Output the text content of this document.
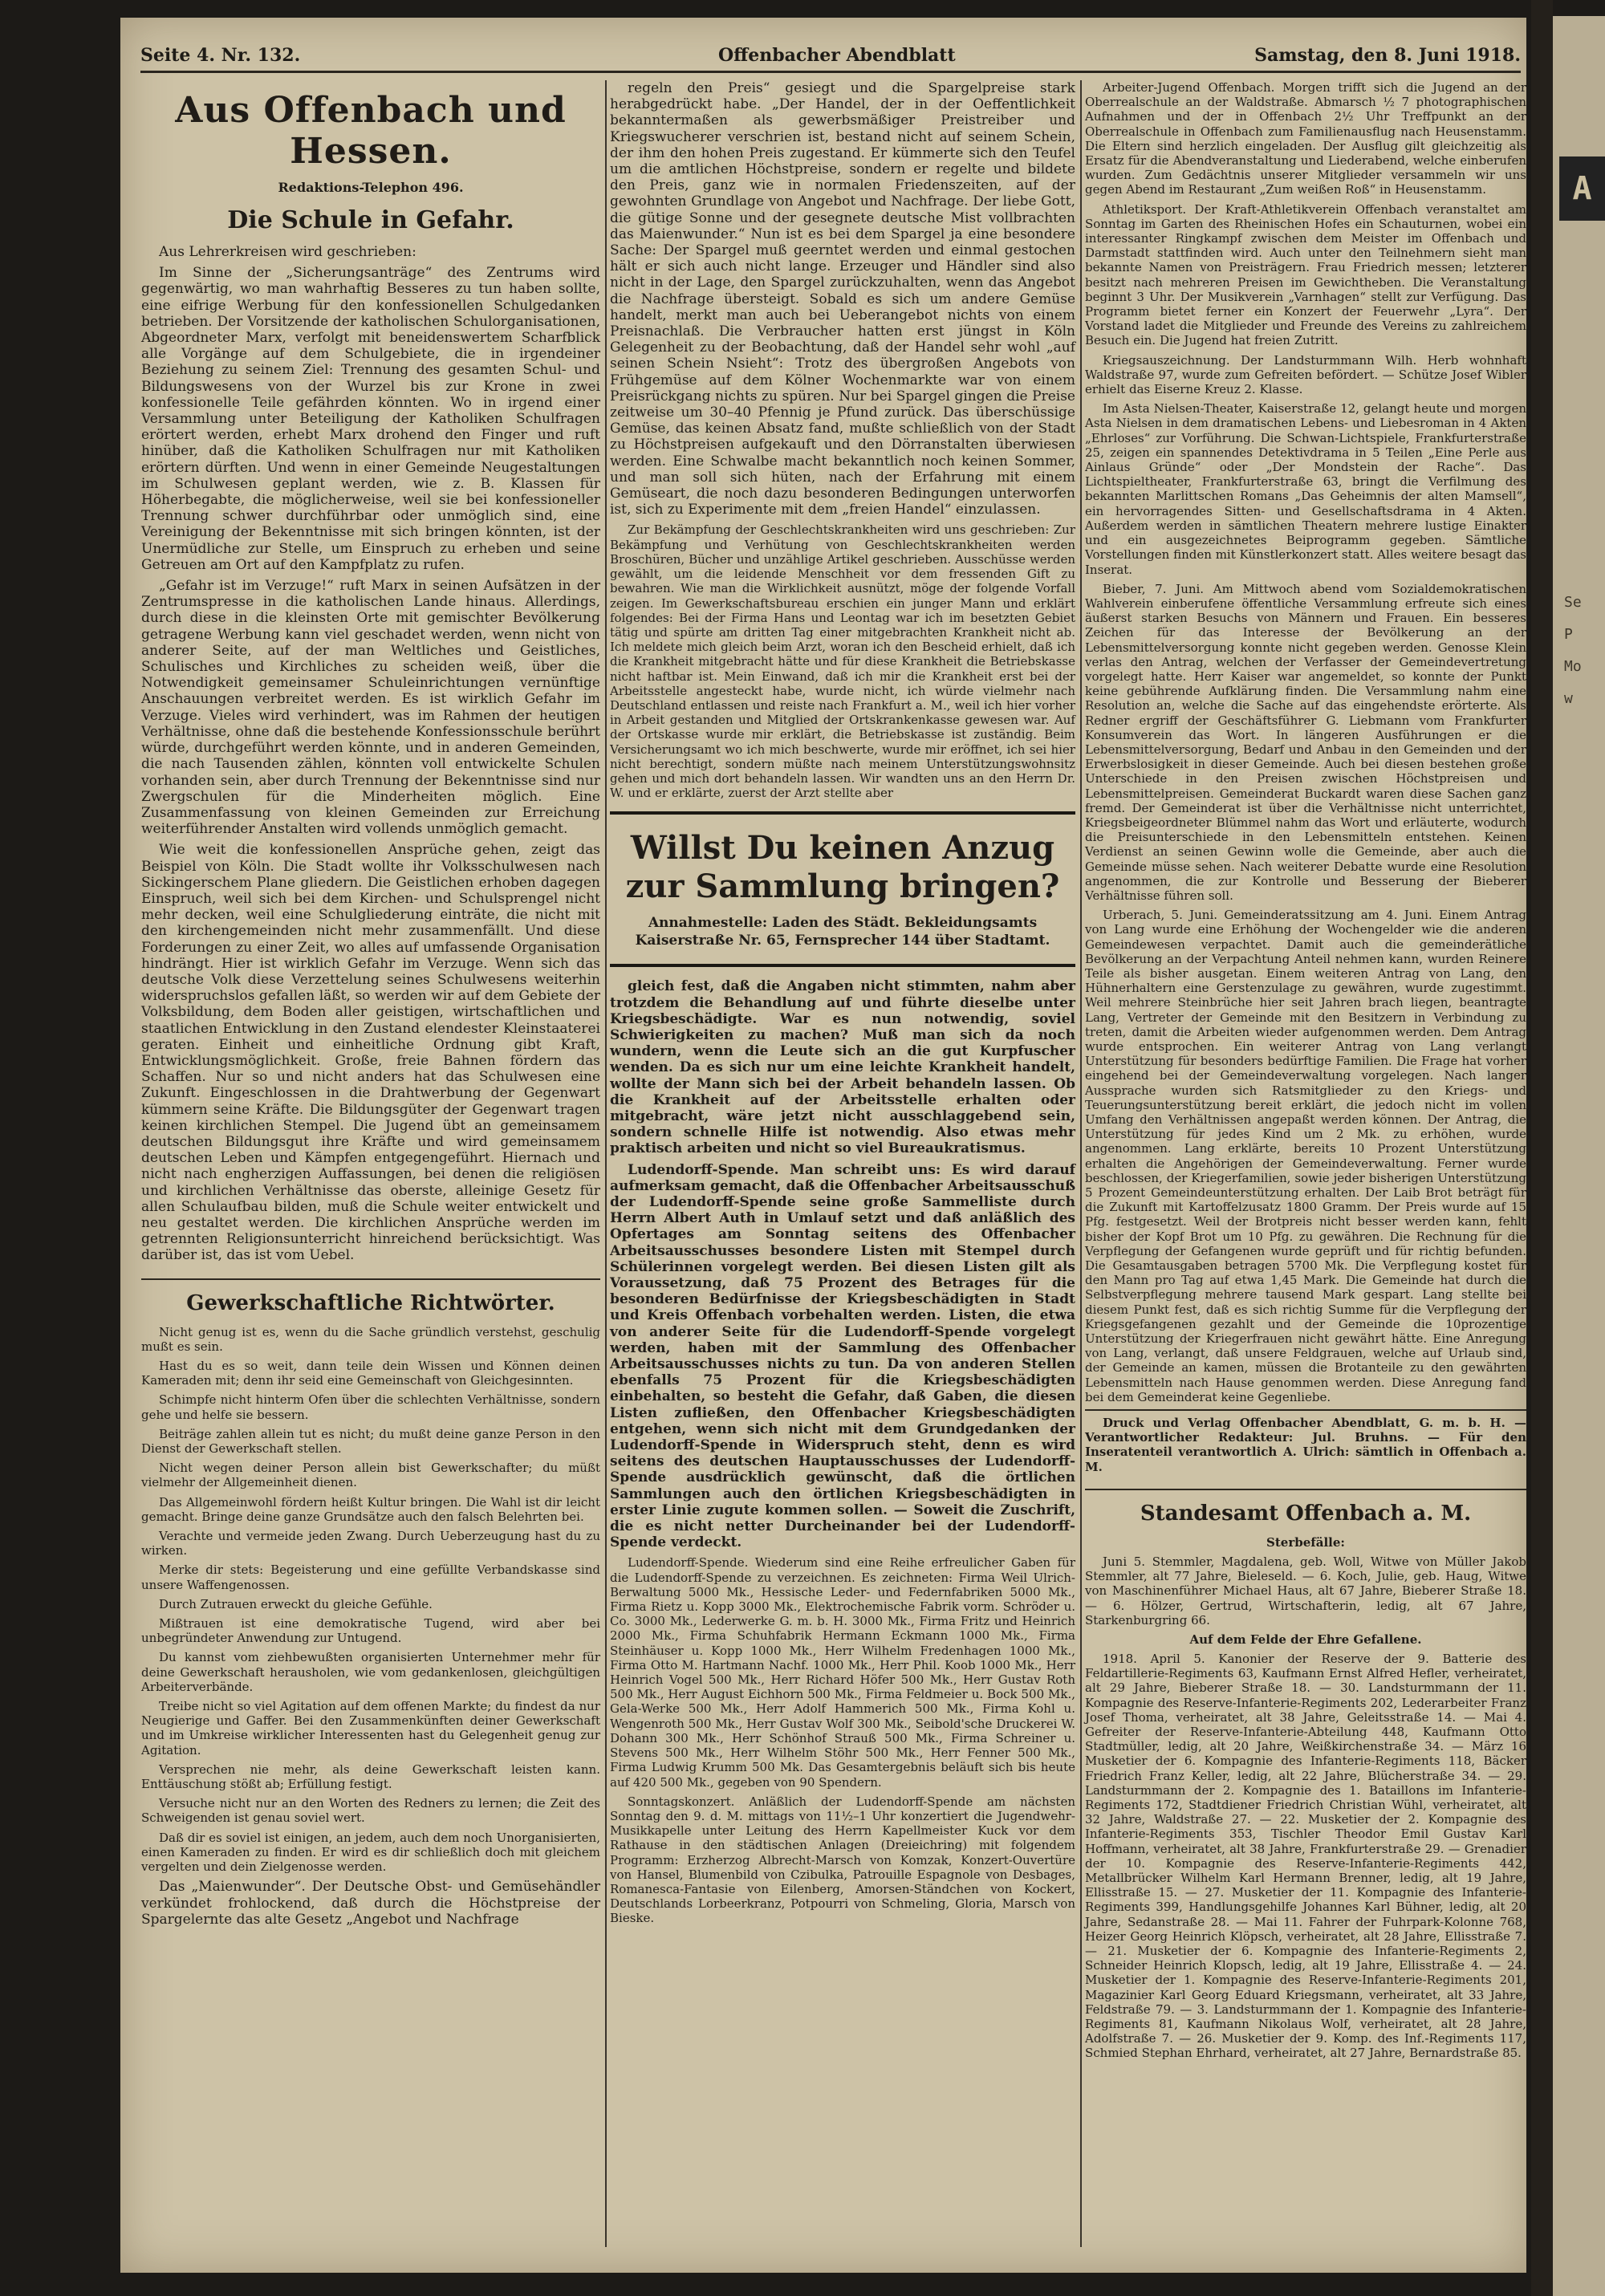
A
Se
P
Mo
w
Seite 4. Nr. 132.	Offenbacher Abendblatt	Samstag, den 8. Juni 1918.
Aus Offenbach und Hessen.
Redaktions-Telephon 496.
Die Schule in Gefahr.

Aus Lehrerkreisen wird geschrieben:

Im Sinne der „Sicherungsanträge“ des Zentrums wird gegenwärtig, wo man wahrhaftig Besseres zu tun haben sollte, eine eifrige Werbung für den konfessionellen Schulgedanken betrieben. Der Vorsitzende der katholischen Schulorganisationen, Abgeordneter Marx, verfolgt mit beneidenswertem Scharfblick alle Vorgänge auf dem Schulgebiete, die in irgendeiner Beziehung zu seinem Ziel: Trennung des gesamten Schul- und Bildungswesens von der Wurzel bis zur Krone in zwei konfessionelle Teile gefährden könnten. Wo in irgend einer Versammlung unter Beteiligung der Katholiken Schulfragen erörtert werden, erhebt Marx drohend den Finger und ruft hinüber, daß die Katholiken Schulfragen nur mit Katholiken erörtern dürften. Und wenn in einer Gemeinde Neugestaltungen im Schulwesen geplant werden, wie z. B. Klassen für Höherbegabte, die möglicherweise, weil sie bei konfessioneller Trennung schwer durchführbar oder unmöglich sind, eine Vereinigung der Bekenntnisse mit sich bringen könnten, ist der Unermüdliche zur Stelle, um Einspruch zu erheben und seine Getreuen am Ort auf den Kampfplatz zu rufen.

„Gefahr ist im Verzuge!“ ruft Marx in seinen Aufsätzen in der Zentrumspresse in die katholischen Lande hinaus. Allerdings, durch diese in die kleinsten Orte mit gemischter Bevölkerung getragene Werbung kann viel geschadet werden, wenn nicht von anderer Seite, auf der man Weltliches und Geistliches, Schulisches und Kirchliches zu scheiden weiß, über die Notwendigkeit gemeinsamer Schuleinrichtungen vernünftige Anschauungen verbreitet werden. Es ist wirklich Gefahr im Verzuge. Vieles wird verhindert, was im Rahmen der heutigen Verhältnisse, ohne daß die bestehende Konfessionsschule berührt würde, durchgeführt werden könnte, und in anderen Gemeinden, die nach Tausenden zählen, könnten voll entwickelte Schulen vorhanden sein, aber durch Trennung der Bekenntnisse sind nur Zwergschulen für die Minderheiten möglich. Eine Zusammenfassung von kleinen Gemeinden zur Erreichung weiterführender Anstalten wird vollends unmöglich gemacht.

Wie weit die konfessionellen Ansprüche gehen, zeigt das Beispiel von Köln. Die Stadt wollte ihr Volksschulwesen nach Sickingerschem Plane gliedern. Die Geistlichen erhoben dagegen Einspruch, weil sich bei dem Kirchen- und Schulsprengel nicht mehr decken, weil eine Schulgliederung einträte, die nicht mit den kirchengemeinden nicht mehr zusammenfällt. Und diese Forderungen zu einer Zeit, wo alles auf umfassende Organisation hindrängt. Hier ist wirklich Gefahr im Verzuge. Wenn sich das deutsche Volk diese Verzettelung seines Schulwesens weiterhin widerspruchslos gefallen läßt, so werden wir auf dem Gebiete der Volksbildung, dem Boden aller geistigen, wirtschaftlichen und staatlichen Entwicklung in den Zustand elendester Kleinstaaterei geraten. Einheit und einheitliche Ordnung gibt Kraft, Entwicklungsmöglichkeit. Große, freie Bahnen fördern das Schaffen. Nur so und nicht anders hat das Schulwesen eine Zukunft. Eingeschlossen in die Drahtwerbung der Gegenwart kümmern seine Kräfte. Die Bildungsgüter der Gegenwart tragen keinen kirchlichen Stempel. Die Jugend übt an gemeinsamem deutschen Bildungsgut ihre Kräfte und wird gemeinsamem deutschen Leben und Kämpfen entgegengeführt. Hiernach und nicht nach engherzigen Auffassungen, bei denen die religiösen und kirchlichen Verhältnisse das oberste, alleinige Gesetz für allen Schulaufbau bilden, muß die Schule weiter entwickelt und neu gestaltet werden. Die kirchlichen Ansprüche werden im getrennten Religionsunterricht hinreichend berücksichtigt. Was darüber ist, das ist vom Uebel.

Gewerkschaftliche Richtwörter.

Nicht genug ist es, wenn du die Sache gründlich verstehst, geschulig mußt es sein.

Hast du es so weit, dann teile dein Wissen und Können deinen Kameraden mit; denn ihr seid eine Gemeinschaft von Gleichgesinnten.

Schimpfe nicht hinterm Ofen über die schlechten Verhältnisse, sondern gehe und helfe sie bessern.

Beiträge zahlen allein tut es nicht; du mußt deine ganze Person in den Dienst der Gewerkschaft stellen.

Nicht wegen deiner Person allein bist Gewerkschafter; du müßt vielmehr der Allgemeinheit dienen.

Das Allgemeinwohl fördern heißt Kultur bringen. Die Wahl ist dir leicht gemacht. Bringe deine ganze Grundsätze auch den falsch Belehrten bei.

Verachte und vermeide jeden Zwang. Durch Ueberzeugung hast du zu wirken.

Merke dir stets: Begeisterung und eine gefüllte Verbandskasse sind unsere Waffengenossen.

Durch Zutrauen erweckt du gleiche Gefühle.

Mißtrauen ist eine demokratische Tugend, wird aber bei unbegründeter Anwendung zur Untugend.

Du kannst vom ziehbewußten organisierten Unternehmer mehr für deine Gewerkschaft herausholen, wie vom gedankenlosen, gleichgültigen Arbeiterverbände.

Treibe nicht so viel Agitation auf dem offenen Markte; du findest da nur Neugierige und Gaffer. Bei den Zusammenkünften deiner Gewerkschaft und im Umkreise wirklicher Interessenten hast du Gelegenheit genug zur Agitation.

Versprechen nie mehr, als deine Gewerkschaft leisten kann. Enttäuschung stößt ab; Erfüllung festigt.

Versuche nicht nur an den Worten des Redners zu lernen; die Zeit des Schweigenden ist genau soviel wert.

Daß dir es soviel ist einigen, an jedem, auch dem noch Unorganisierten, einen Kameraden zu finden. Er wird es dir schließlich doch mit gleichem vergelten und dein Zielgenosse werden.

Das „Maienwunder“. Der Deutsche Obst- und Gemüsehändler verkündet frohlockend, daß durch die Höchstpreise der Spargelernte das alte Gesetz „Angebot und Nachfrage

regeln den Preis“ gesiegt und die Spargelpreise stark herabgedrückt habe. „Der Handel, der in der Oeffentlichkeit bekanntermaßen als gewerbsmäßiger Preistreiber und Kriegswucherer verschrien ist, bestand nicht auf seinem Schein, der ihm den hohen Preis zugestand. Er kümmerte sich den Teufel um die amtlichen Höchstpreise, sondern er regelte und bildete den Preis, ganz wie in normalen Friedenszeiten, auf der gewohnten Grundlage von Angebot und Nachfrage. Der liebe Gott, die gütige Sonne und der gesegnete deutsche Mist vollbrachten das Maienwunder.“ Nun ist es bei dem Spargel ja eine besondere Sache: Der Spargel muß geerntet werden und einmal gestochen hält er sich auch nicht lange. Erzeuger und Händler sind also nicht in der Lage, den Spargel zurückzuhalten, wenn das Angebot die Nachfrage übersteigt. Sobald es sich um andere Gemüse handelt, merkt man auch bei Ueberangebot nichts von einem Preisnachlaß. Die Verbraucher hatten erst jüngst in Köln Gelegenheit zu der Beobachtung, daß der Handel sehr wohl „auf seinen Schein Nsieht“: Trotz des übergroßen Angebots von Frühgemüse auf dem Kölner Wochenmarkte war von einem Preisrückgang nichts zu spüren. Nur bei Spargel gingen die Preise zeitweise um 30–40 Pfennig je Pfund zurück. Das überschüssige Gemüse, das keinen Absatz fand, mußte schließlich von der Stadt zu Höchstpreisen aufgekauft und den Dörranstalten überwiesen werden. Eine Schwalbe macht bekanntlich noch keinen Sommer, und man soll sich hüten, nach der Erfahrung mit einem Gemüseart, die noch dazu besonderen Bedingungen unterworfen ist, sich zu Experimente mit dem „freien Handel“ einzulassen.

Zur Bekämpfung der Geschlechtskrankheiten wird uns geschrieben: Zur Bekämpfung und Verhütung von Geschlechtskrankheiten werden Broschüren, Bücher und unzählige Artikel geschrieben. Ausschüsse werden gewählt, um die leidende Menschheit vor dem fressenden Gift zu bewahren. Wie man die Wirklichkeit ausnützt, möge der folgende Vorfall zeigen. Im Gewerkschaftsbureau erschien ein junger Mann und erklärt folgendes: Bei der Firma Hans und Leontag war ich im besetzten Gebiet tätig und spürte am dritten Tag einer mitgebrachten Krankheit nicht ab. Ich meldete mich gleich beim Arzt, woran ich den Bescheid erhielt, daß ich die Krankheit mitgebracht hätte und für diese Krankheit die Betriebskasse nicht haftbar ist. Mein Einwand, daß ich mir die Krankheit erst bei der Arbeitsstelle angesteckt habe, wurde nicht, ich würde vielmehr nach Deutschland entlassen und reiste nach Frankfurt a. M., weil ich hier vorher in Arbeit gestanden und Mitglied der Ortskrankenkasse gewesen war. Auf der Ortskasse wurde mir erklärt, die Betriebskasse ist zuständig. Beim Versicherungsamt wo ich mich beschwerte, wurde mir eröffnet, ich sei hier nicht berechtigt, sondern müßte nach meinem Unterstützungswohnsitz gehen und mich dort behandeln lassen. Wir wandten uns an den Herrn Dr. W. und er erklärte, zuerst der Arzt stellte aber

Willst Du keinen Anzug zur Sammlung bringen?
Annahmestelle: Laden des Städt. Bekleidungsamts Kaiserstraße Nr. 65, Fernsprecher 144 über Stadtamt.

gleich fest, daß die Angaben nicht stimmten, nahm aber trotzdem die Behandlung auf und führte dieselbe unter Kriegsbeschädigte. War es nun notwendig, soviel Schwierigkeiten zu machen? Muß man sich da noch wundern, wenn die Leute sich an die gut Kurpfuscher wenden. Da es sich nur um eine leichte Krankheit handelt, wollte der Mann sich bei der Arbeit behandeln lassen. Ob die Krankheit auf der Arbeitsstelle erhalten oder mitgebracht, wäre jetzt nicht ausschlaggebend sein, sondern schnelle Hilfe ist notwendig. Also etwas mehr praktisch arbeiten und nicht so viel Bureaukratismus.

Ludendorff-Spende. Man schreibt uns: Es wird darauf aufmerksam gemacht, daß die Offenbacher Arbeitsausschuß der Ludendorff-Spende seine große Sammelliste durch Herrn Albert Auth in Umlauf setzt und daß anläßlich des Opfertages am Sonntag seitens des Offenbacher Arbeitsausschusses besondere Listen mit Stempel durch Schülerinnen vorgelegt werden. Bei diesen Listen gilt als Voraussetzung, daß 75 Prozent des Betrages für die besonderen Bedürfnisse der Kriegsbeschädigten in Stadt und Kreis Offenbach vorbehalten werden. Listen, die etwa von anderer Seite für die Ludendorff-Spende vorgelegt werden, haben mit der Sammlung des Offenbacher Arbeitsausschusses nichts zu tun. Da von anderen Stellen ebenfalls 75 Prozent für die Kriegsbeschädigten einbehalten, so besteht die Gefahr, daß Gaben, die diesen Listen zufließen, den Offenbacher Kriegsbeschädigten entgehen, wenn sich nicht mit dem Grundgedanken der Ludendorff-Spende in Widerspruch steht, denn es wird seitens des deutschen Hauptausschusses der Ludendorff-Spende ausdrücklich gewünscht, daß die örtlichen Sammlungen auch den örtlichen Kriegsbeschädigten in erster Linie zugute kommen sollen. — Soweit die Zuschrift, die es nicht netter Durcheinander bei der Ludendorff-Spende verdeckt.

Ludendorff-Spende. Wiederum sind eine Reihe erfreulicher Gaben für die Ludendorff-Spende zu verzeichnen. Es zeichneten: Firma Weil Ulrich-Berwaltung 5000 Mk., Hessische Leder- und Federnfabriken 5000 Mk., Firma Rietz u. Kopp 3000 Mk., Elektrochemische Fabrik vorm. Schröder u. Co. 3000 Mk., Lederwerke G. m. b. H. 3000 Mk., Firma Fritz und Heinrich 2000 Mk., Firma Schuhfabrik Hermann Eckmann 1000 Mk., Firma Steinhäuser u. Kopp 1000 Mk., Herr Wilhelm Fredenhagen 1000 Mk., Firma Otto M. Hartmann Nachf. 1000 Mk., Herr Phil. Koob 1000 Mk., Herr Heinrich Vogel 500 Mk., Herr Richard Höfer 500 Mk., Herr Gustav Roth 500 Mk., Herr August Eichhorn 500 Mk., Firma Feldmeier u. Bock 500 Mk., Gela-Werke 500 Mk., Herr Adolf Hammerich 500 Mk., Firma Kohl u. Wengenroth 500 Mk., Herr Gustav Wolf 300 Mk., Seibold'sche Druckerei W. Dohann 300 Mk., Herr Schönhof Strauß 500 Mk., Firma Schreiner u. Stevens 500 Mk., Herr Wilhelm Stöhr 500 Mk., Herr Fenner 500 Mk., Firma Ludwig Krumm 500 Mk. Das Gesamtergebnis beläuft sich bis heute auf 420 500 Mk., gegeben von 90 Spendern.

Sonntagskonzert. Anläßlich der Ludendorff-Spende am nächsten Sonntag den 9. d. M. mittags von 11½–1 Uhr konzertiert die Jugendwehr-Musikkapelle unter Leitung des Herrn Kapellmeister Kuck vor dem Rathause in den städtischen Anlagen (Dreieichring) mit folgendem Programm: Erzherzog Albrecht-Marsch von Komzak, Konzert-Ouvertüre von Hansel, Blumenbild von Czibulka, Patrouille Espagnole von Desbages, Romanesca-Fantasie von Eilenberg, Amorsen-Ständchen von Kockert, Deutschlands Lorbeerkranz, Potpourri von Schmeling, Gloria, Marsch von Bieske.

Arbeiter-Jugend Offenbach. Morgen trifft sich die Jugend an der Oberrealschule an der Waldstraße. Abmarsch ½ 7 photographischen Aufnahmen und der in Offenbach 2½ Uhr Treffpunkt an der Oberrealschule in Offenbach zum Familienausflug nach Heusenstamm. Die Eltern sind herzlich eingeladen. Der Ausflug gilt gleichzeitig als Ersatz für die Abendveranstaltung und Liederabend, welche einberufen wurden. Zum Gedächtnis unserer Mitglieder versammeln wir uns gegen Abend im Restaurant „Zum weißen Roß“ in Heusenstamm.

Athletiksport. Der Kraft-Athletikverein Offenbach veranstaltet am Sonntag im Garten des Rheinischen Hofes ein Schauturnen, wobei ein interessanter Ringkampf zwischen dem Meister im Offenbach und Darmstadt stattfinden wird. Auch unter den Teilnehmern sieht man bekannte Namen von Preisträgern. Frau Friedrich messen; letzterer besitzt nach mehreren Preisen im Gewichtheben. Die Veranstaltung beginnt 3 Uhr. Der Musikverein „Varnhagen“ stellt zur Verfügung. Das Programm bietet ferner ein Konzert der Feuerwehr „Lyra“. Der Vorstand ladet die Mitglieder und Freunde des Vereins zu zahlreichem Besuch ein. Die Jugend hat freien Zutritt.

Kriegsauszeichnung. Der Landsturmmann Wilh. Herb wohnhaft Waldstraße 97, wurde zum Gefreiten befördert. — Schütze Josef Wibler erhielt das Eiserne Kreuz 2. Klasse.

Im Asta Nielsen-Theater, Kaiserstraße 12, gelangt heute und morgen Asta Nielsen in dem dramatischen Lebens- und Liebesroman in 4 Akten „Ehrloses“ zur Vorführung. Die Schwan-Lichtspiele, Frankfurterstraße 25, zeigen ein spannendes Detektivdrama in 5 Teilen „Eine Perle aus Ainlaus Gründe“ oder „Der Mondstein der Rache“. Das Lichtspieltheater, Frankfurterstraße 63, bringt die Verfilmung des bekannten Marlittschen Romans „Das Geheimnis der alten Mamsell“, ein hervorragendes Sitten- und Gesellschaftsdrama in 4 Akten. Außerdem werden in sämtlichen Theatern mehrere lustige Einakter und ein ausgezeichnetes Beiprogramm gegeben. Sämtliche Vorstellungen finden mit Künstlerkonzert statt. Alles weitere besagt das Inserat.

Bieber, 7. Juni. Am Mittwoch abend vom Sozialdemokratischen Wahlverein einberufene öffentliche Versammlung erfreute sich eines äußerst starken Besuchs von Männern und Frauen. Ein besseres Zeichen für das Interesse der Bevölkerung an der Lebensmittelversorgung konnte nicht gegeben werden. Genosse Klein verlas den Antrag, welchen der Verfasser der Gemeindevertretung vorgelegt hatte. Herr Kaiser war angemeldet, so konnte der Punkt keine gebührende Aufklärung finden. Die Versammlung nahm eine Resolution an, welche die Sache auf das eingehendste erörterte. Als Redner ergriff der Geschäftsführer G. Liebmann vom Frankfurter Konsumverein das Wort. In längeren Ausführungen er die Lebensmittelversorgung, Bedarf und Anbau in den Gemeinden und der Erwerbslosigkeit in dieser Gemeinde. Auch bei diesen bestehen große Unterschiede in den Preisen zwischen Höchstpreisen und Lebensmittelpreisen. Gemeinderat Buckardt waren diese Sachen ganz fremd. Der Gemeinderat ist über die Verhältnisse nicht unterrichtet, Kriegsbeigeordneter Blümmel nahm das Wort und erläuterte, wodurch die Preisunterschiede in den Lebensmitteln entstehen. Keinen Verdienst an seinen Gewinn wolle die Gemeinde, aber auch die Gemeinde müsse sehen. Nach weiterer Debatte wurde eine Resolution angenommen, die zur Kontrolle und Besserung der Bieberer Verhältnisse führen soll.

Urberach, 5. Juni. Gemeinderatssitzung am 4. Juni. Einem Antrag von Lang wurde eine Erhöhung der Wochengelder wie die anderen Gemeindewesen verpachtet. Damit auch die gemeinderätliche Bevölkerung an der Verpachtung Anteil nehmen kann, wurden Reinere Teile als bisher ausgetan. Einem weiteren Antrag von Lang, den Hühnerhaltern eine Gerstenzulage zu gewähren, wurde zugestimmt. Weil mehrere Steinbrüche hier seit Jahren brach liegen, beantragte Lang, Vertreter der Gemeinde mit den Besitzern in Verbindung zu treten, damit die Arbeiten wieder aufgenommen werden. Dem Antrag wurde entsprochen. Ein weiterer Antrag von Lang verlangt Unterstützung für besonders bedürftige Familien. Die Frage hat vorher eingehend bei der Gemeindeverwaltung vorgelegen. Nach langer Aussprache wurden sich Ratsmitglieder zu den Kriegs- und Teuerungsunterstützung bereit erklärt, die jedoch nicht im vollen Umfang den Verhältnissen angepaßt werden können. Der Antrag, die Unterstützung für jedes Kind um 2 Mk. zu erhöhen, wurde angenommen. Lang erklärte, bereits 10 Prozent Unterstützung erhalten die Angehörigen der Gemeindeverwaltung. Ferner wurde beschlossen, der Kriegerfamilien, sowie jeder bisherigen Unterstützung 5 Prozent Gemeindeunterstützung erhalten. Der Laib Brot beträgt für die Zukunft mit Kartoffelzusatz 1800 Gramm. Der Preis wurde auf 15 Pfg. festgesetzt. Weil der Brotpreis nicht besser werden kann, fehlt bisher der Kopf Brot um 10 Pfg. zu gewähren. Die Rechnung für die Verpflegung der Gefangenen wurde geprüft und für richtig befunden. Die Gesamtausgaben betragen 5700 Mk. Die Verpflegung kostet für den Mann pro Tag auf etwa 1,45 Mark. Die Gemeinde hat durch die Selbstverpflegung mehrere tausend Mark gespart. Lang stellte bei diesem Punkt fest, daß es sich richtig Summe für die Verpflegung der Kriegsgefangenen gezahlt und der Gemeinde die 10prozentige Unterstützung der Kriegerfrauen nicht gewährt hätte. Eine Anregung von Lang, verlangt, daß unsere Feldgrauen, welche auf Urlaub sind, der Gemeinde an kamen, müssen die Brotanteile zu den gewährten Lebensmitteln nach Hause genommen werden. Diese Anregung fand bei dem Gemeinderat keine Gegenliebe.

Druck und Verlag Offenbacher Abendblatt, G. m. b. H. — Verantwortlicher Redakteur: Jul. Bruhns. — Für den Inseratenteil verantwortlich A. Ulrich: sämtlich in Offenbach a. M.

Standesamt Offenbach a. M.
Sterbefälle:

Juni 5. Stemmler, Magdalena, geb. Woll, Witwe von Müller Jakob Stemmler, alt 77 Jahre, Bieleseld. — 6. Koch, Julie, geb. Haug, Witwe von Maschinenführer Michael Haus, alt 67 Jahre, Bieberer Straße 18. — 6. Hölzer, Gertrud, Wirtschafterin, ledig, alt 67 Jahre, Starkenburgring 66.

Auf dem Felde der Ehre Gefallene.

1918. April 5. Kanonier der Reserve der 9. Batterie des Feldartillerie-Regiments 63, Kaufmann Ernst Alfred Hefler, verheiratet, alt 29 Jahre, Bieberer Straße 18. — 30. Landsturmmann der 11. Kompagnie des Reserve-Infanterie-Regiments 202, Lederarbeiter Franz Josef Thoma, verheiratet, alt 38 Jahre, Geleitsstraße 14. — Mai 4. Gefreiter der Reserve-Infanterie-Abteilung 448, Kaufmann Otto Stadtmüller, ledig, alt 20 Jahre, Weißkirchenstraße 34. — März 16 Musketier der 6. Kompagnie des Infanterie-Regiments 118, Bäcker Friedrich Franz Keller, ledig, alt 22 Jahre, Blücherstraße 34. — 29. Landsturmmann der 2. Kompagnie des 1. Bataillons im Infanterie-Regiments 172, Stadtdiener Friedrich Christian Wühl, verheiratet, alt 32 Jahre, Waldstraße 27. — 22. Musketier der 2. Kompagnie des Infanterie-Regiments 353, Tischler Theodor Emil Gustav Karl Hoffmann, verheiratet, alt 38 Jahre, Frankfurterstraße 29. — Grenadier der 10. Kompagnie des Reserve-Infanterie-Regiments 442, Metallbrücker Wilhelm Karl Hermann Brenner, ledig, alt 19 Jahre, Ellisstraße 15. — 27. Musketier der 11. Kompagnie des Infanterie-Regiments 399, Handlungsgehilfe Johannes Karl Bühner, ledig, alt 20 Jahre, Sedanstraße 28. — Mai 11. Fahrer der Fuhrpark-Kolonne 768, Heizer Georg Heinrich Klöpsch, verheiratet, alt 28 Jahre, Ellisstraße 7. — 21. Musketier der 6. Kompagnie des Infanterie-Regiments 2, Schneider Heinrich Klopsch, ledig, alt 19 Jahre, Ellisstraße 4. — 24. Musketier der 1. Kompagnie des Reserve-Infanterie-Regiments 201, Magazinier Karl Georg Eduard Kriegsmann, verheiratet, alt 33 Jahre, Feldstraße 79. — 3. Landsturmmann der 1. Kompagnie des Infanterie-Regiments 81, Kaufmann Nikolaus Wolf, verheiratet, alt 28 Jahre, Adolfstraße 7. — 26. Musketier der 9. Komp. des Inf.-Regiments 117, Schmied Stephan Ehrhard, verheiratet, alt 27 Jahre, Bernardstraße 85.
